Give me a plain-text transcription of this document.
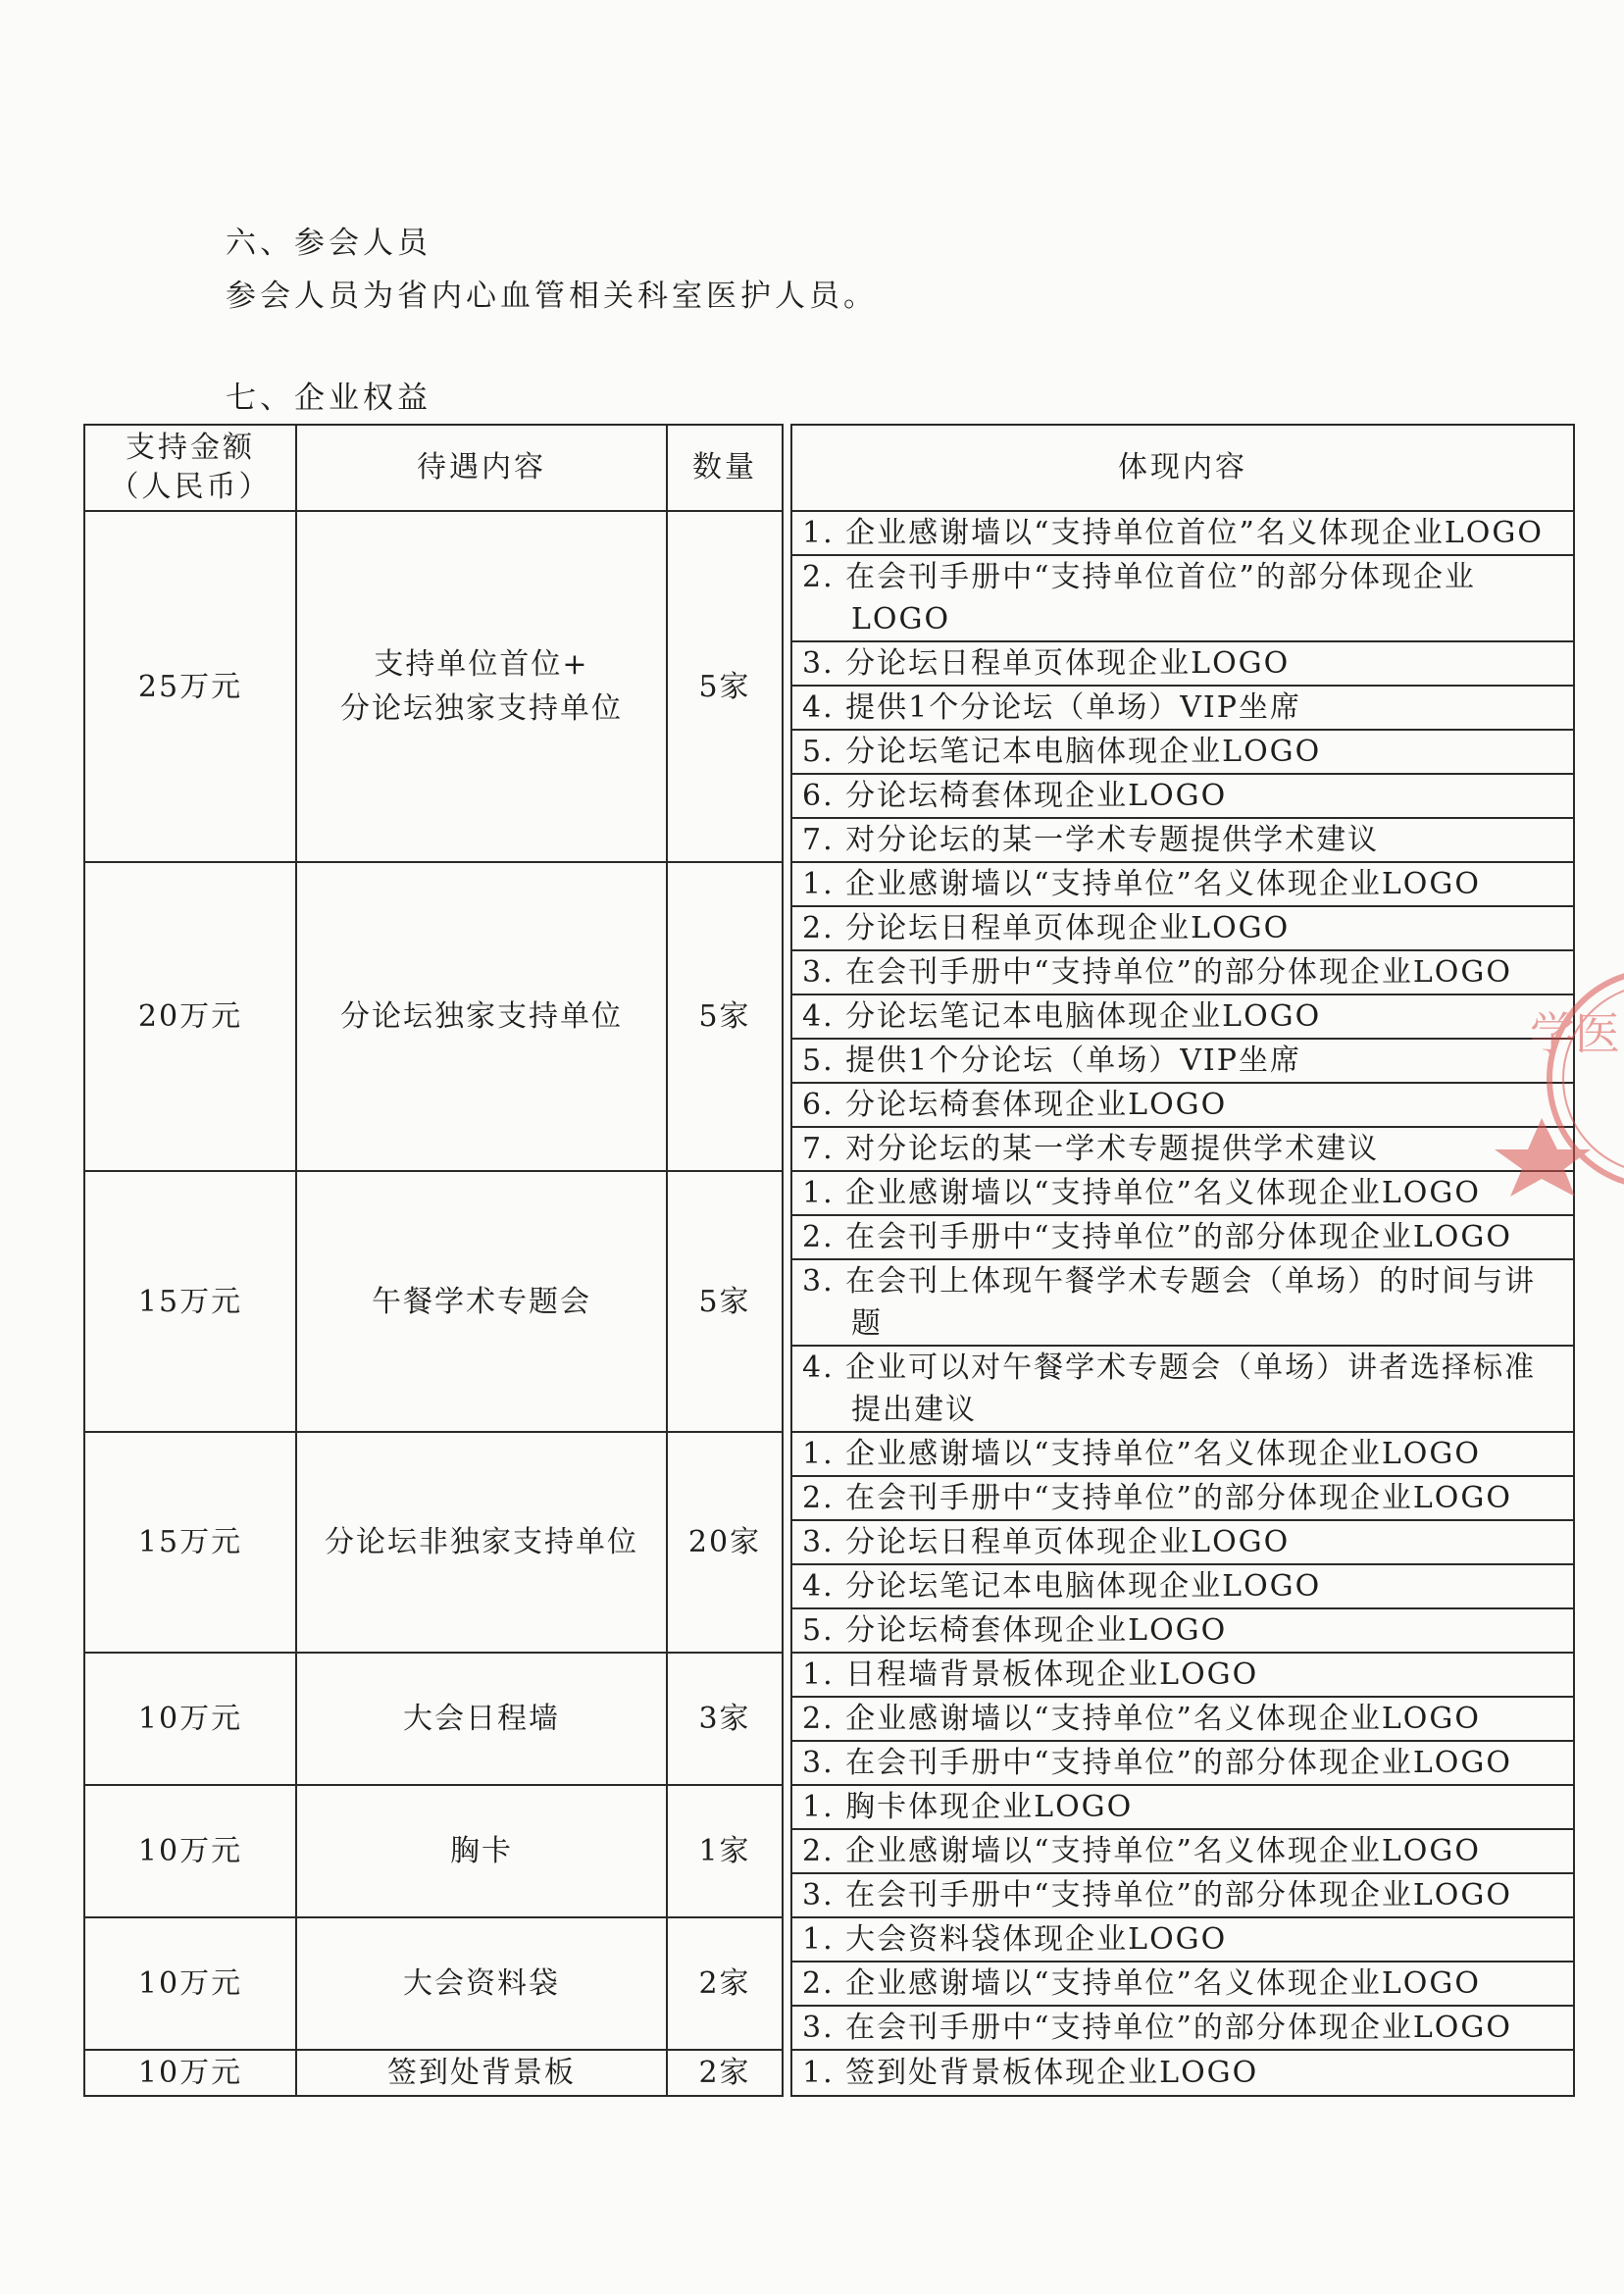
六、参会人员
参会人员为省内心血管相关科室医护人员。
七、企业权益
支持金额
（人民币）	待遇内容	数量		体现内容
25万元	支持单位首位+
分论坛独家支持单位	5家		1. 企业感谢墙以“支持单位首位”名义体现企业LOGO
				2. 在会刊手册中“支持单位首位”的部分体现企业LOGO
				3. 分论坛日程单页体现企业LOGO
				4. 提供1个分论坛（单场）VIP坐席
				5. 分论坛笔记本电脑体现企业LOGO
				6. 分论坛椅套体现企业LOGO
				7. 对分论坛的某一学术专题提供学术建议
20万元	分论坛独家支持单位	5家		1. 企业感谢墙以“支持单位”名义体现企业LOGO
				2. 分论坛日程单页体现企业LOGO
				3. 在会刊手册中“支持单位”的部分体现企业LOGO
				4. 分论坛笔记本电脑体现企业LOGO
				5. 提供1个分论坛（单场）VIP坐席
				6. 分论坛椅套体现企业LOGO
				7. 对分论坛的某一学术专题提供学术建议
15万元	午餐学术专题会	5家		1. 企业感谢墙以“支持单位”名义体现企业LOGO
				2. 在会刊手册中“支持单位”的部分体现企业LOGO
				3. 在会刊上体现午餐学术专题会（单场）的时间与讲题
				4. 企业可以对午餐学术专题会（单场）讲者选择标准提出建议
15万元	分论坛非独家支持单位	20家		1. 企业感谢墙以“支持单位”名义体现企业LOGO
				2. 在会刊手册中“支持单位”的部分体现企业LOGO
				3. 分论坛日程单页体现企业LOGO
				4. 分论坛笔记本电脑体现企业LOGO
				5. 分论坛椅套体现企业LOGO
10万元	大会日程墙	3家		1. 日程墙背景板体现企业LOGO
				2. 企业感谢墙以“支持单位”名义体现企业LOGO
				3. 在会刊手册中“支持单位”的部分体现企业LOGO
10万元	胸卡	1家		1. 胸卡体现企业LOGO
				2. 企业感谢墙以“支持单位”名义体现企业LOGO
				3. 在会刊手册中“支持单位”的部分体现企业LOGO
10万元	大会资料袋	2家		1. 大会资料袋体现企业LOGO
				2. 企业感谢墙以“支持单位”名义体现企业LOGO
				3. 在会刊手册中“支持单位”的部分体现企业LOGO
10万元	签到处背景板	2家		1. 签到处背景板体现企业LOGO
学医
